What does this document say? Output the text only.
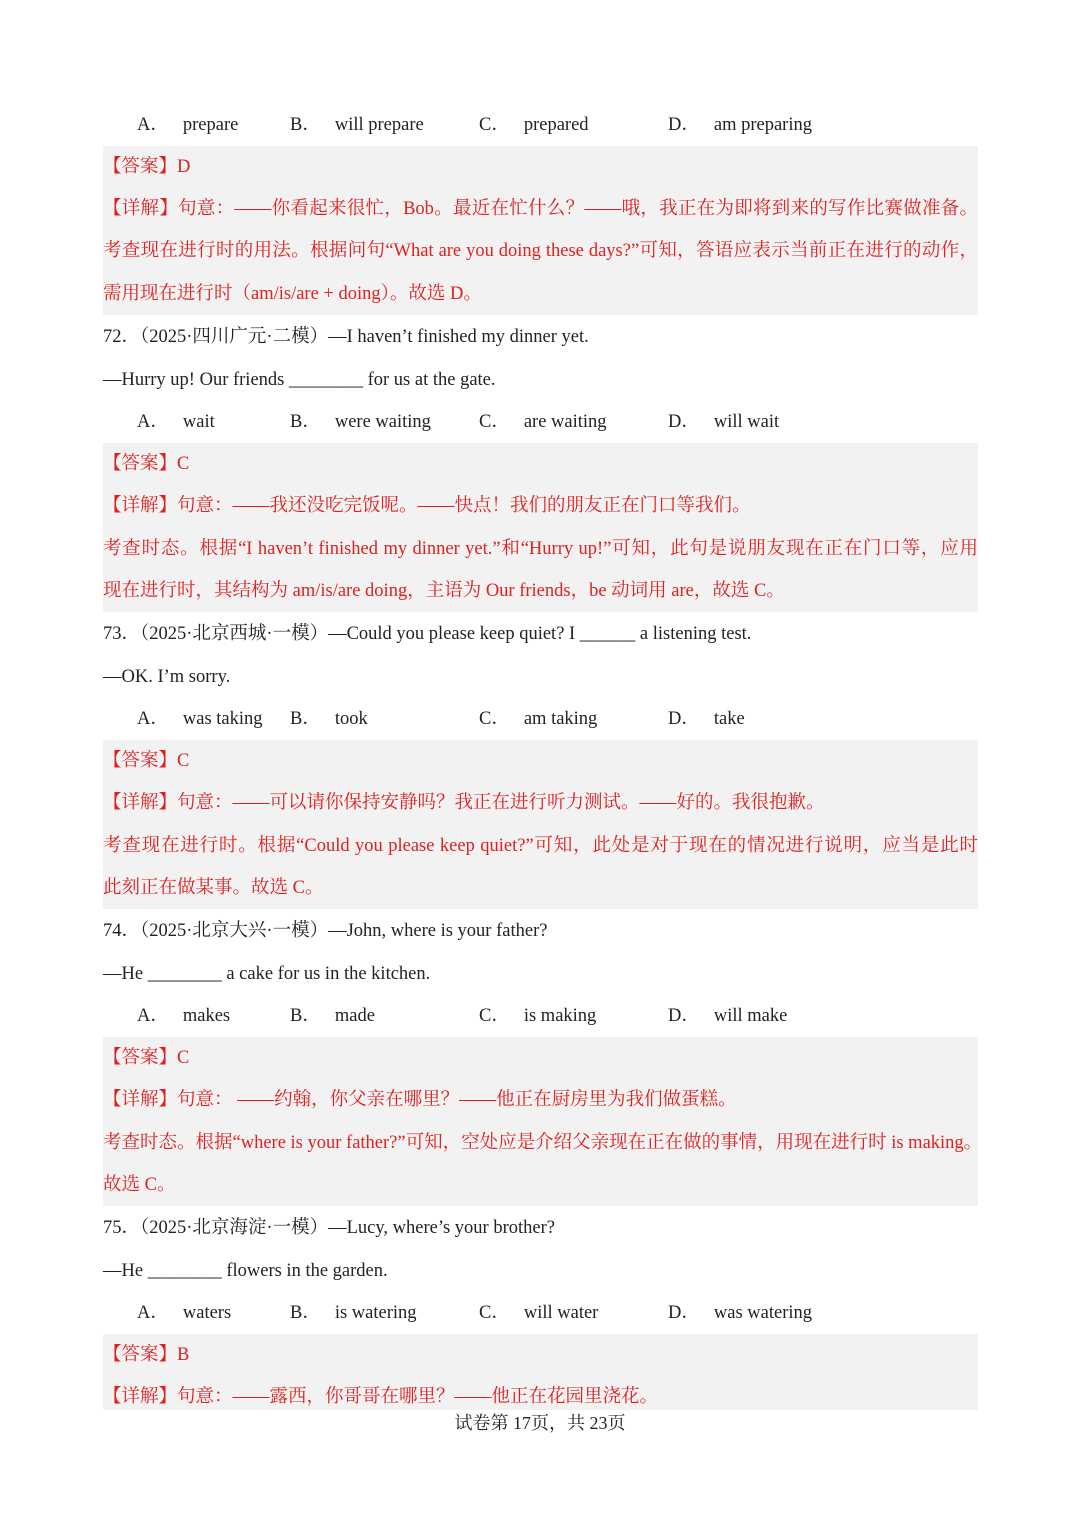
A． prepare	B． will prepare	C． prepared	D． am preparing
【答案】D
【详解】句意：——你看起来很忙，Bob。最近在忙什么？——哦，我正在为即将到来的写作比赛做准备。
考查现在进行时的用法。根据问句“What are you doing these days?”可知，答语应表示当前正在进行的动作，
需用现在进行时（am/is/are + doing）。故选 D。
72．（2025·四川广元·二模）—I haven’t finished my dinner yet.
—Hurry up! Our friends ________ for us at the gate.
A． wait	B． were waiting	C． are waiting	D． will wait
【答案】C
【详解】句意：——我还没吃完饭呢。——快点！我们的朋友正在门口等我们。
考查时态。根据“I haven’t finished my dinner yet.”和“Hurry up!”可知，此句是说朋友现在正在门口等，应用
现在进行时，其结构为 am/is/are doing，主语为 Our friends，be 动词用 are，故选 C。
73．（2025·北京西城·一模）—Could you please keep quiet? I ______ a listening test.
—OK. I’m sorry.
A． was taking B． took	C． am taking	D． take
【答案】C
【详解】句意：——可以请你保持安静吗？我正在进行听力测试。——好的。我很抱歉。
考查现在进行时。根据“Could you please keep quiet?”可知，此处是对于现在的情况进行说明，应当是此时
此刻正在做某事。故选 C。
74．（2025·北京大兴·一模）—John, where is your father?
—He ________ a cake for us in the kitchen.
A． makes	B． made	C． is making	D． will make
【答案】C
【详解】句意： ——约翰，你父亲在哪里？——他正在厨房里为我们做蛋糕。
考查时态。根据“where is your father?”可知，空处应是介绍父亲现在正在做的事情，用现在进行时 is making。
故选 C。
75．（2025·北京海淀·一模）—Lucy, where’s your brother?
—He ________ flowers in the garden.
A． waters	B． is watering	C． will water	D． was watering
【答案】B
【详解】句意：——露西，你哥哥在哪里？——他正在花园里浇花。
试卷第 17页，共 23页
